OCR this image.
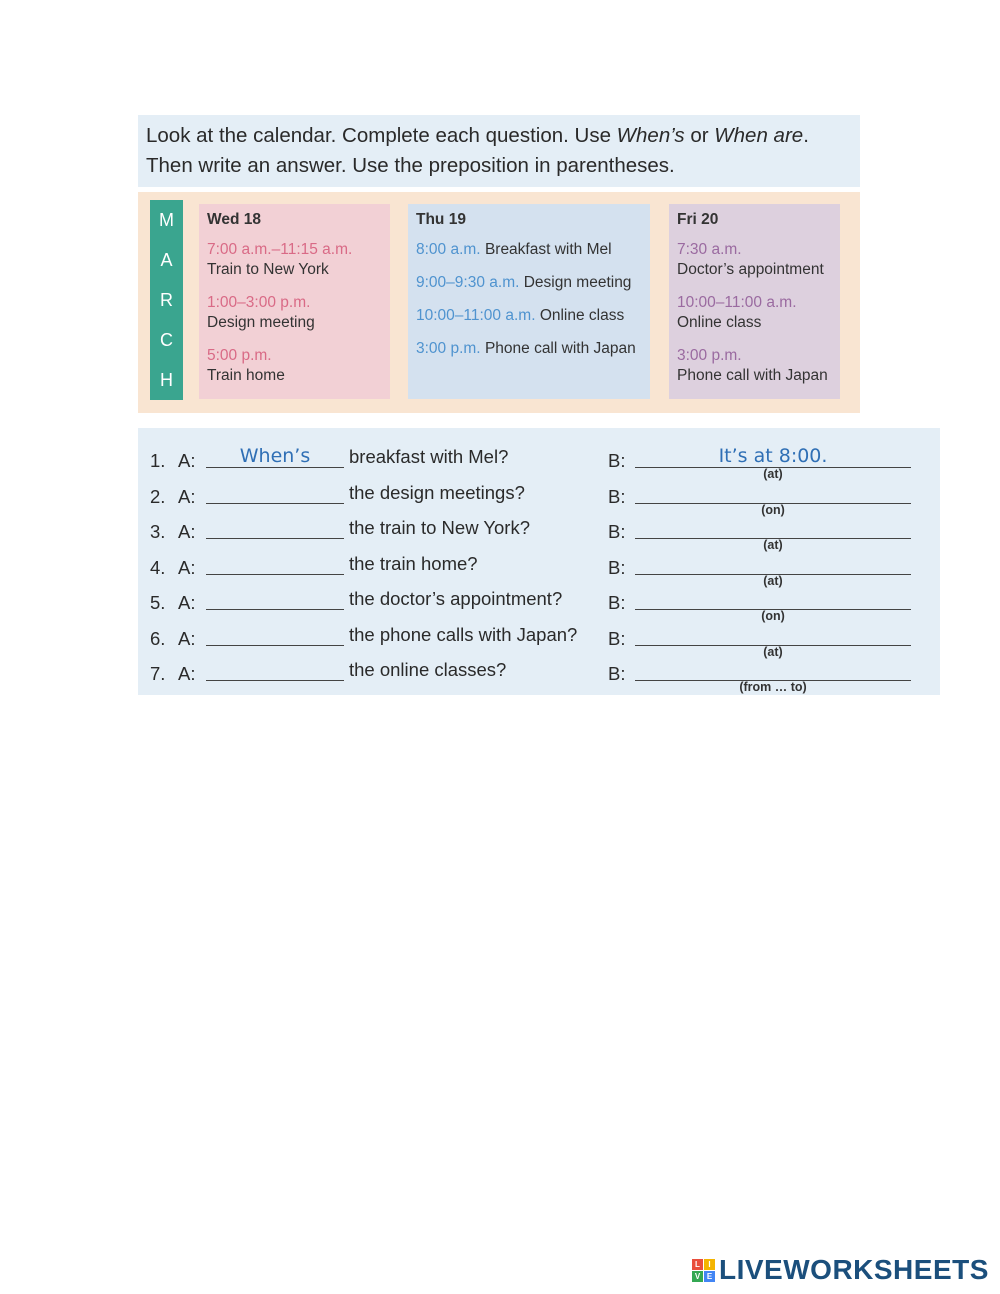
Look at the calendar. Complete each question. Use When’s or When are.
Then write an answer. Use the preposition in parentheses.
M
A
R
C
H
Wed 18
7:00 a.m.–11:15 a.m.
Train to New York
1:00–3:00 p.m.
Design meeting
5:00 p.m.
Train home
Thu 19
8:00 a.m. Breakfast with Mel
9:00–9:30 a.m. Design meeting
10:00–11:00 a.m. Online class
3:00 p.m. Phone call with Japan
Fri 20
7:30 a.m.
Doctor’s appointment
10:00–11:00 a.m.
Online class
3:00 p.m.
Phone call with Japan
1. A:	When’s	breakfast with Mel?	B:	It’s at 8:00.
(at)
2. A:	the design meetings?	B:
(on)
3. A:	the train to New York?	B:
(at)
4. A:	the train home?	B:
(at)
5. A:	the doctor’s appointment? B:
(on)
6. A:	the phone calls with Japan? B:
(at)
7. A:	the online classes?	B:
(from … to)
L	I
V E LIVEWORKSHEETS
